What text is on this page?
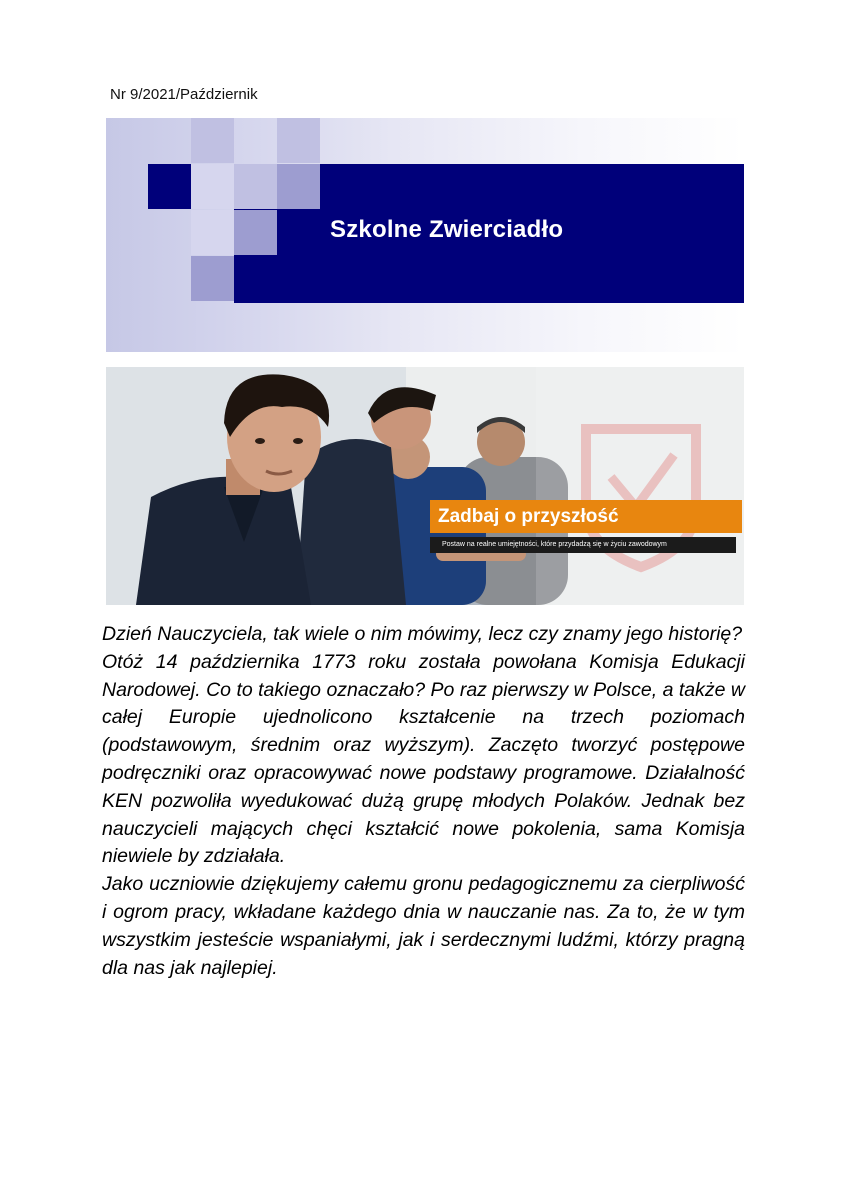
Nr 9/2021/Październik
Szkolne Zwierciadło
Zadbaj o przyszłość
Postaw na realne umiejętności, które przydadzą się w życiu zawodowym

Dzień Nauczyciela, tak wiele o nim mówimy, lecz czy znamy jego historię?

Otóż 14 października 1773 roku została powołana Komisja Edukacji Narodowej. Co to takiego oznaczało? Po raz pierwszy w Polsce, a także w całej Europie ujednolicono kształcenie na trzech poziomach (podstawowym, średnim oraz wyższym). Zaczęto tworzyć postępowe podręczniki oraz opracowywać nowe podstawy programowe. Działalność KEN pozwoliła wyedukować dużą grupę młodych Polaków. Jednak bez nauczycieli mających chęci kształcić nowe pokolenia, sama Komisja niewiele by zdziałała.

Jako uczniowie dziękujemy całemu gronu pedagogicznemu za cierpliwość i ogrom pracy, wkładane każdego dnia w nauczanie nas. Za to, że w tym wszystkim jesteście wspaniałymi, jak i serdecznymi ludźmi, którzy pragną dla nas jak najlepiej.
